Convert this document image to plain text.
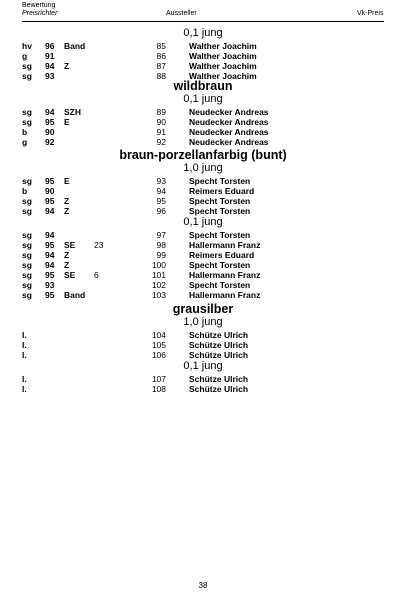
Bewertung
Preisrichter	Aussteller	Vk-Preis
0,1 jung
wildbraun
0,1 jung
braun-porzellanfarbig (bunt)
1,0 jung
0,1 jung
grausilber
1,0 jung
0,1 jung
hv 96 Band	85	Walther Joachim
g 91	86	Walther Joachim
sg 94 Z	87	Walther Joachim
sg 93	88	Walther Joachim
sg 94 SZH	89	Neudecker Andreas
sg 95 E	90	Neudecker Andreas
b 90	91	Neudecker Andreas
g 92	92	Neudecker Andreas
sg 95 E	93	Specht Torsten
b 90	94	Reimers Eduard
sg 95 Z	95	Specht Torsten
sg 94 Z	96	Specht Torsten
sg 94	97	Specht Torsten
sg 95 SE 23	98	Hallermann Franz
sg 94 Z	99	Reimers Eduard
sg 94 Z	100	Specht Torsten
sg 95 SE 6	101	Hallermann Franz
sg 93	102	Specht Torsten
sg 95 Band	103	Hallermann Franz
I.	104	Schütze Ulrich
I.	105	Schütze Ulrich
I.	106	Schütze Ulrich
I.	107	Schütze Ulrich
I.	108	Schütze Ulrich
38
